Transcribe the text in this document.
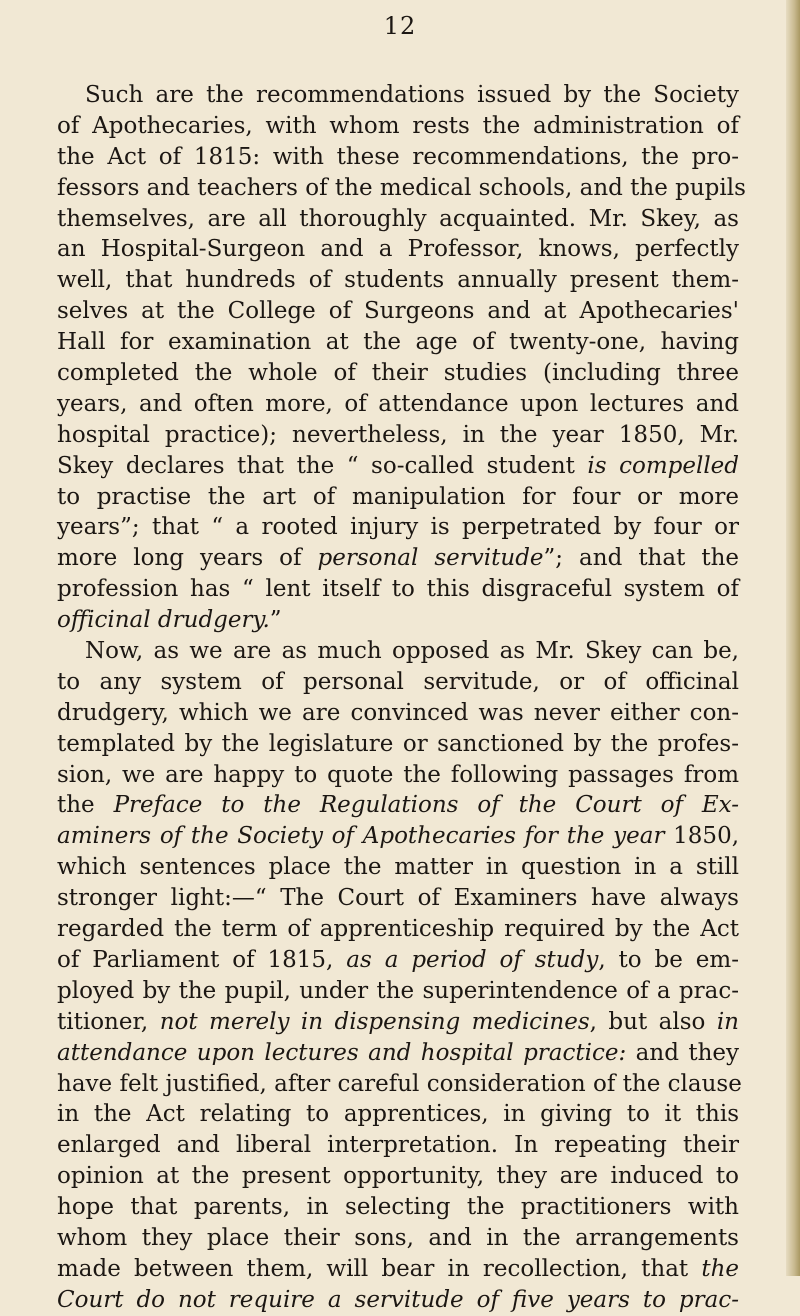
12
Such are the recommendations issued by the Society
of Apothecaries, with whom rests the administration of
the Act of 1815: with these recommendations, the pro-
fessors and teachers of the medical schools, and the pupils
themselves, are all thoroughly acquainted. Mr. Skey, as
an Hospital-Surgeon and a Professor, knows, perfectly
well, that hundreds of students annually present them-
selves at the College of Surgeons and at Apothecaries'
Hall for examination at the age of twenty-one, having
completed the whole of their studies (including three
years, and often more, of attendance upon lectures and
hospital practice); nevertheless, in the year 1850, Mr.
Skey declares that the “ so-called student is compelled
to practise the art of manipulation for four or more
years”; that “ a rooted injury is perpetrated by four or
more long years of personal servitude”; and that the
profession has “ lent itself to this disgraceful system of
officinal drudgery.”
Now, as we are as much opposed as Mr. Skey can be,
to any system of personal servitude, or of officinal
drudgery, which we are convinced was never either con-
templated by the legislature or sanctioned by the profes-
sion, we are happy to quote the following passages from
the Preface to the Regulations of the Court of Ex-
aminers of the Society of Apothecaries for the year 1850,
which sentences place the matter in question in a still
stronger light:—“ The Court of Examiners have always
regarded the term of apprenticeship required by the Act
of Parliament of 1815, as a period of study, to be em-
ployed by the pupil, under the superintendence of a prac-
titioner, not merely in dispensing medicines, but also in
attendance upon lectures and hospital practice: and they
have felt justified, after careful consideration of the clause
in the Act relating to apprentices, in giving to it this
enlarged and liberal interpretation. In repeating their
opinion at the present opportunity, they are induced to
hope that parents, in selecting the practitioners with
whom they place their sons, and in the arrangements
made between them, will bear in recollection, that the
Court do not require a servitude of five years to prac-
